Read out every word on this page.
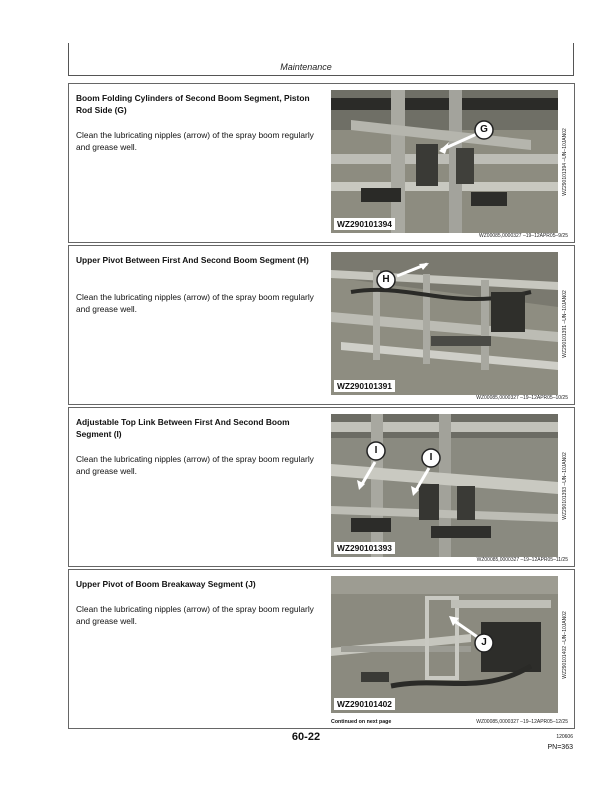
Maintenance
Boom Folding Cylinders of Second Boom Segment, Piston Rod Side (G)
Clean the lubricating nipples (arrow) of the spray boom regularly and grease well.
G
WZ290101394
WZ290101394 –UN–10JAN02
WZ00085,0000327 –19–12APR05–9/25
Upper Pivot Between First And Second Boom Segment (H)
Clean the lubricating nipples (arrow) of the spray boom regularly and grease well.
H
WZ290101391
WZ290101391 –UN–10JAN02
WZ00085,0000327 –19–12APR05–10/25
Adjustable Top Link Between First And Second Boom Segment (I)
Clean the lubricating nipples (arrow) of the spray boom regularly and grease well.
I
I
WZ290101393
WZ290101393 –UN–10JAN02
WZ00085,0000327 –19–12APR05–11/25
Upper Pivot of Boom Breakaway Segment (J)
Clean the lubricating nipples (arrow) of the spray boom regularly and grease well.
J
WZ290101402
WZ290101402 –UN–10JAN02
Continued on next page	WZ00085,0000327 –19–12APR05–12/25
60-22	120606
PN=363
